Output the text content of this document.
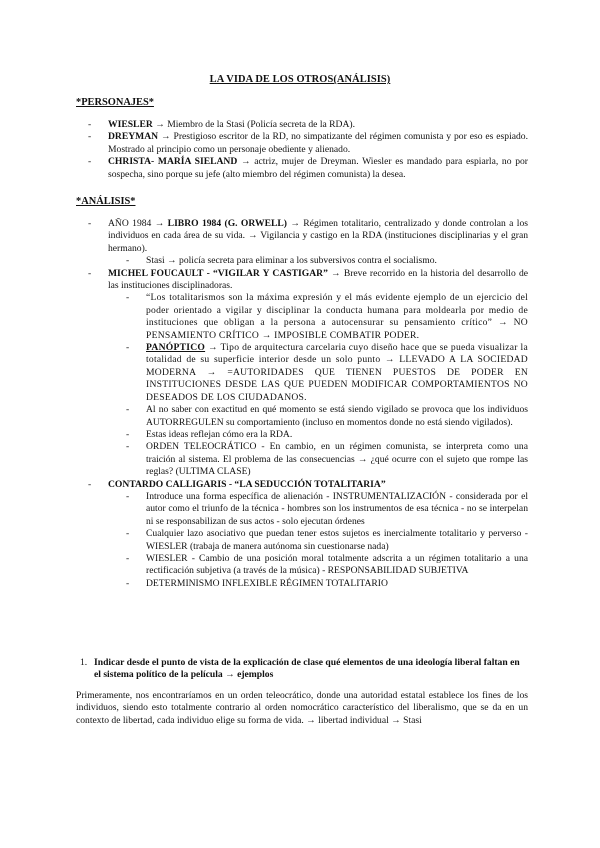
LA VIDA DE LOS OTROS(ANÁLISIS)
*PERSONAJES*
- WIESLER → Miembro de la Stasi (Policía secreta de la RDA).
- DREYMAN → Prestigioso escritor de la RD, no simpatizante del régimen comunista y por eso es espiado. Mostrado al principio como un personaje obediente y alienado.
- CHRISTA- MARÍA SIELAND → actriz, mujer de Dreyman. Wiesler es mandado para espiarla, no por sospecha, sino porque su jefe (alto miembro del régimen comunista) la desea.
*ANÁLISIS*
- AÑO 1984 → LIBRO 1984 (G. ORWELL) → Régimen totalitario, centralizado y donde controlan a los individuos en cada área de su vida. → Vigilancia y castigo en la RDA (instituciones disciplinarias y el gran hermano).
- Stasi → policía secreta para eliminar a los subversivos contra el socialismo.
- MICHEL FOUCAULT - “VIGILAR Y CASTIGAR” → Breve recorrido en la historia del desarrollo de las instituciones disciplinadoras.
- “Los totalitarismos son la máxima expresión y el más evidente ejemplo de un ejercicio del poder orientado a vigilar y disciplinar la conducta humana para moldearla por medio de instituciones que obligan a la persona a autocensurar su pensamiento crítico” → NO PENSAMIENTO CRÍTICO → IMPOSIBLE COMBATIR PODER.
- PANÓPTICO → Tipo de arquitectura carcelaria cuyo diseño hace que se pueda visualizar la totalidad de su superficie interior desde un solo punto → LLEVADO A LA SOCIEDAD MODERNA → =AUTORIDADES QUE TIENEN PUESTOS DE PODER EN INSTITUCIONES DESDE LAS QUE PUEDEN MODIFICAR COMPORTAMIENTOS NO DESEADOS DE LOS CIUDADANOS.
- Al no saber con exactitud en qué momento se está siendo vigilado se provoca que los individuos AUTORREGULEN su comportamiento (incluso en momentos donde no está siendo vigilados).
- Estas ideas reflejan cómo era la RDA.
- ORDEN TELEOCRÁTICO - En cambio, en un régimen comunista, se interpreta como una traición al sistema. El problema de las consecuencias → ¿qué ocurre con el sujeto que rompe las reglas? (ULTIMA CLASE)
- CONTARDO CALLIGARIS - “LA SEDUCCIÓN TOTALITARIA”
- Introduce una forma específica de alienación - INSTRUMENTALIZACIÓN - considerada por el autor como el triunfo de la técnica - hombres son los instrumentos de esa técnica - no se interpelan ni se responsabilizan de sus actos - solo ejecutan órdenes
- Cualquier lazo asociativo que puedan tener estos sujetos es inercialmente totalitario y perverso - WIESLER (trabaja de manera autónoma sin cuestionarse nada)
- WIESLER - Cambio de una posición moral totalmente adscrita a un régimen totalitario a una rectificación subjetiva (a través de la música) - RESPONSABILIDAD SUBJETIVA
- DETERMINISMO INFLEXIBLE RÉGIMEN TOTALITARIO
1. Indicar desde el punto de vista de la explicación de clase qué elementos de una ideología liberal faltan en el sistema político de la película → ejemplos
Primeramente, nos encontraríamos en un orden teleocrático, donde una autoridad estatal establece los fines de los individuos, siendo esto totalmente contrario al orden nomocrático característico del liberalismo, que se da en un contexto de libertad, cada individuo elige su forma de vida. → libertad individual → Stasi
